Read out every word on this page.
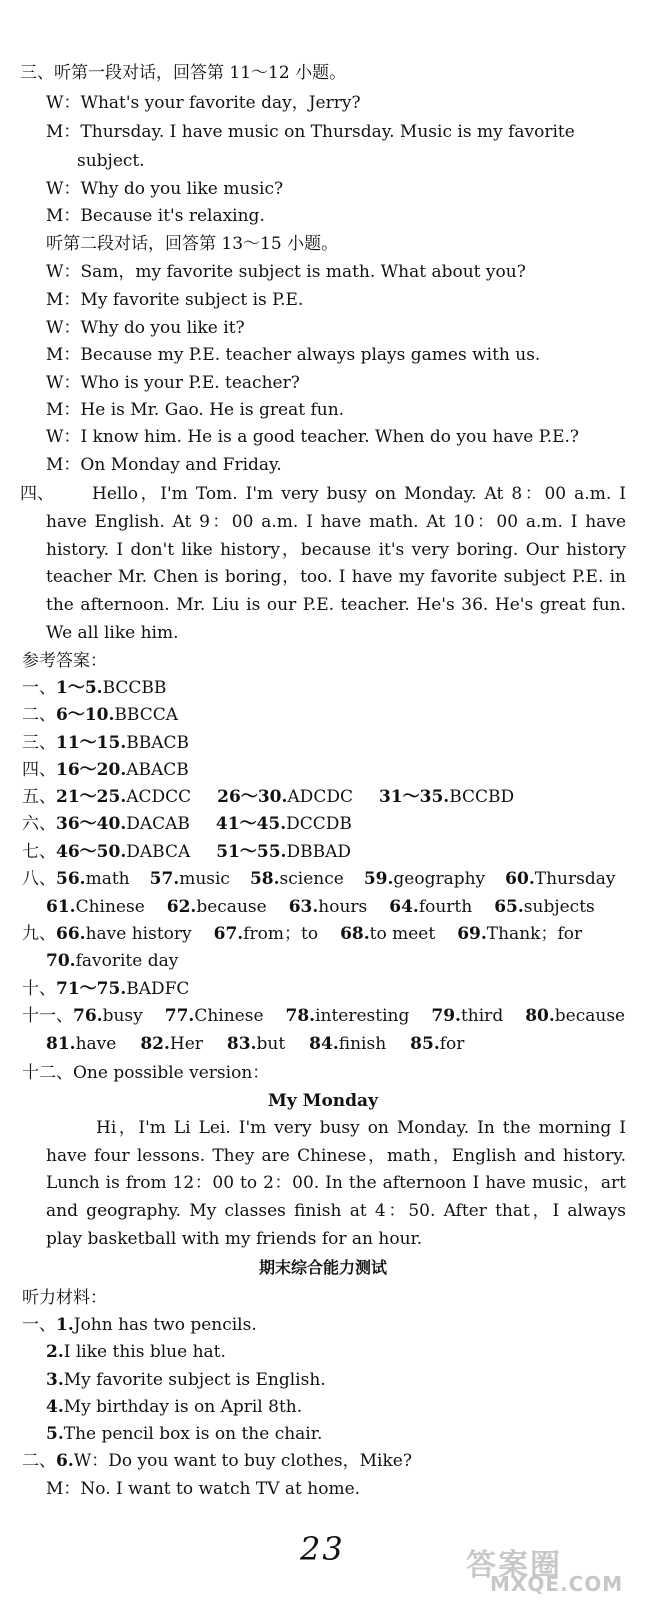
三、听第一段对话，回答第 11～12 小题。
W：What's your favorite day，Jerry?
M：Thursday. I have music on Thursday. Music is my favorite
subject.
W：Why do you like music?
M：Because it's relaxing.
听第二段对话，回答第 13～15 小题。
W：Sam，my favorite subject is math. What about you?
M：My favorite subject is P.E.
W：Why do you like it?
M：Because my P.E. teacher always plays games with us.
W：Who is your P.E. teacher?
M：He is Mr. Gao. He is great fun.
W：I know him. He is a good teacher. When do you have P.E.?
M：On Monday and Friday.
四、 Hello，I'm Tom. I'm very busy on Monday. At 8：00 a.m. I
have English. At 9：00 a.m. I have math. At 10：00 a.m. I have
history. I don't like history，because it's very boring. Our history
teacher Mr. Chen is boring，too. I have my favorite subject P.E. in
the afternoon. Mr. Liu is our P.E. teacher. He's 36. He's great fun.
We all like him.
参考答案：
一、1～5.BCCBB
二、6～10.BBCCA
三、11～15.BBACB
四、16～20.ABACB
五、21～25.ACDCC 26～30.ADCDC 31～35.BCCBD
六、36～40.DACAB 41～45.DCCDB
七、46～50.DABCA 51～55.DBBAD
八、56.math 57.music 58.science 59.geography 60.Thursday
61.Chinese 62.because 63.hours 64.fourth 65.subjects
九、66.have history 67.from；to 68.to meet 69.Thank；for
70.favorite day
十、71～75.BADFC
十一、76.busy 77.Chinese 78.interesting 79.third 80.because
81.have 82.Her 83.but 84.finish 85.for
十二、One possible version：
My Monday
Hi，I'm Li Lei. I'm very busy on Monday. In the morning I
have four lessons. They are Chinese，math，English and history.
Lunch is from 12：00 to 2：00. In the afternoon I have music，art
and geography. My classes finish at 4：50. After that，I always
play basketball with my friends for an hour.
期末综合能力测试
听力材料：
一、1.John has two pencils.
2.I like this blue hat.
3.My favorite subject is English.
4.My birthday is on April 8th.
5.The pencil box is on the chair.
二、6.W：Do you want to buy clothes，Mike?
M：No. I want to watch TV at home.
23	答案圈
MXQE.COM
